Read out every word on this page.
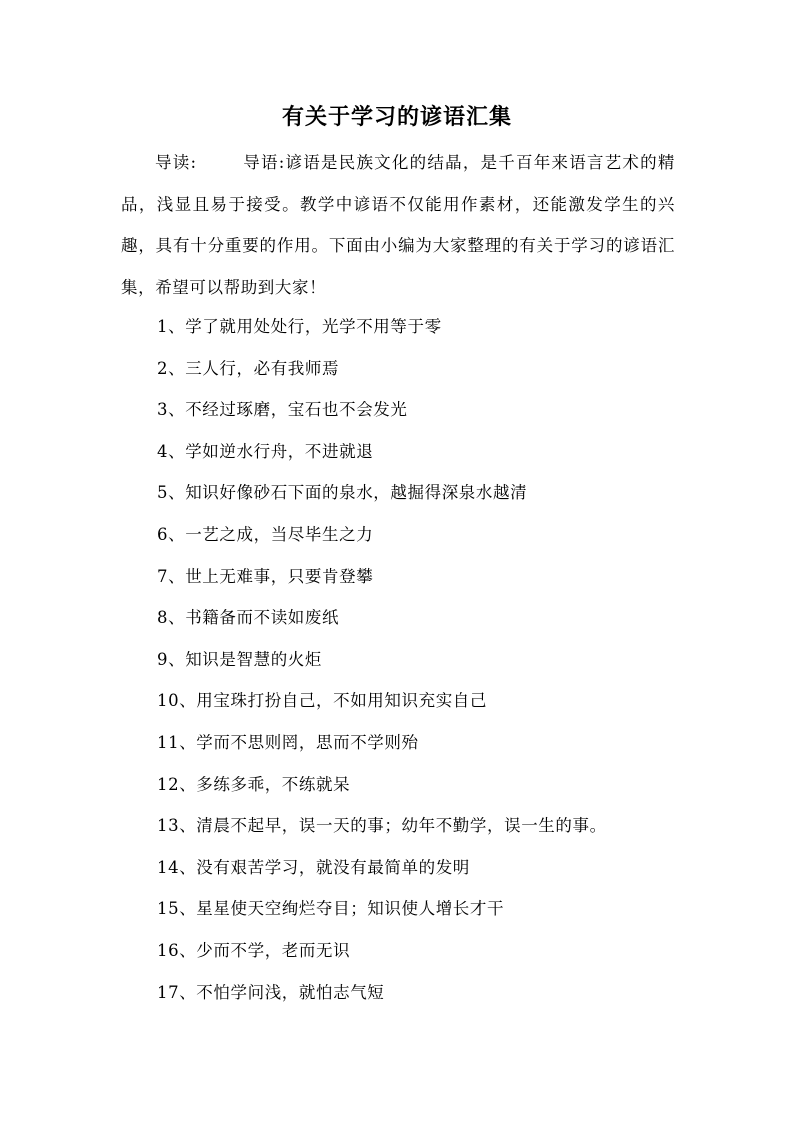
有关于学习的谚语汇集
导读:	导语:谚语是民族文化的结晶，是千百年来语言艺术的精品，浅显且易于接受。教学中谚语不仅能用作素材，还能激发学生的兴趣，具有十分重要的作用。下面由小编为大家整理的有关于学习的谚语汇集，希望可以帮助到大家！
1、学了就用处处行，光学不用等于零
2、三人行，必有我师焉
3、不经过琢磨，宝石也不会发光
4、学如逆水行舟，不进就退
5、知识好像砂石下面的泉水，越掘得深泉水越清
6、一艺之成，当尽毕生之力
7、世上无难事，只要肯登攀
8、书籍备而不读如废纸
9、知识是智慧的火炬
10、用宝珠打扮自己，不如用知识充实自己
11、学而不思则罔，思而不学则殆
12、多练多乖，不练就呆
13、清晨不起早，误一天的事；幼年不勤学，误一生的事。
14、没有艰苦学习，就没有最简单的发明
15、星星使天空绚烂夺目；知识使人增长才干
16、少而不学，老而无识
17、不怕学问浅，就怕志气短
